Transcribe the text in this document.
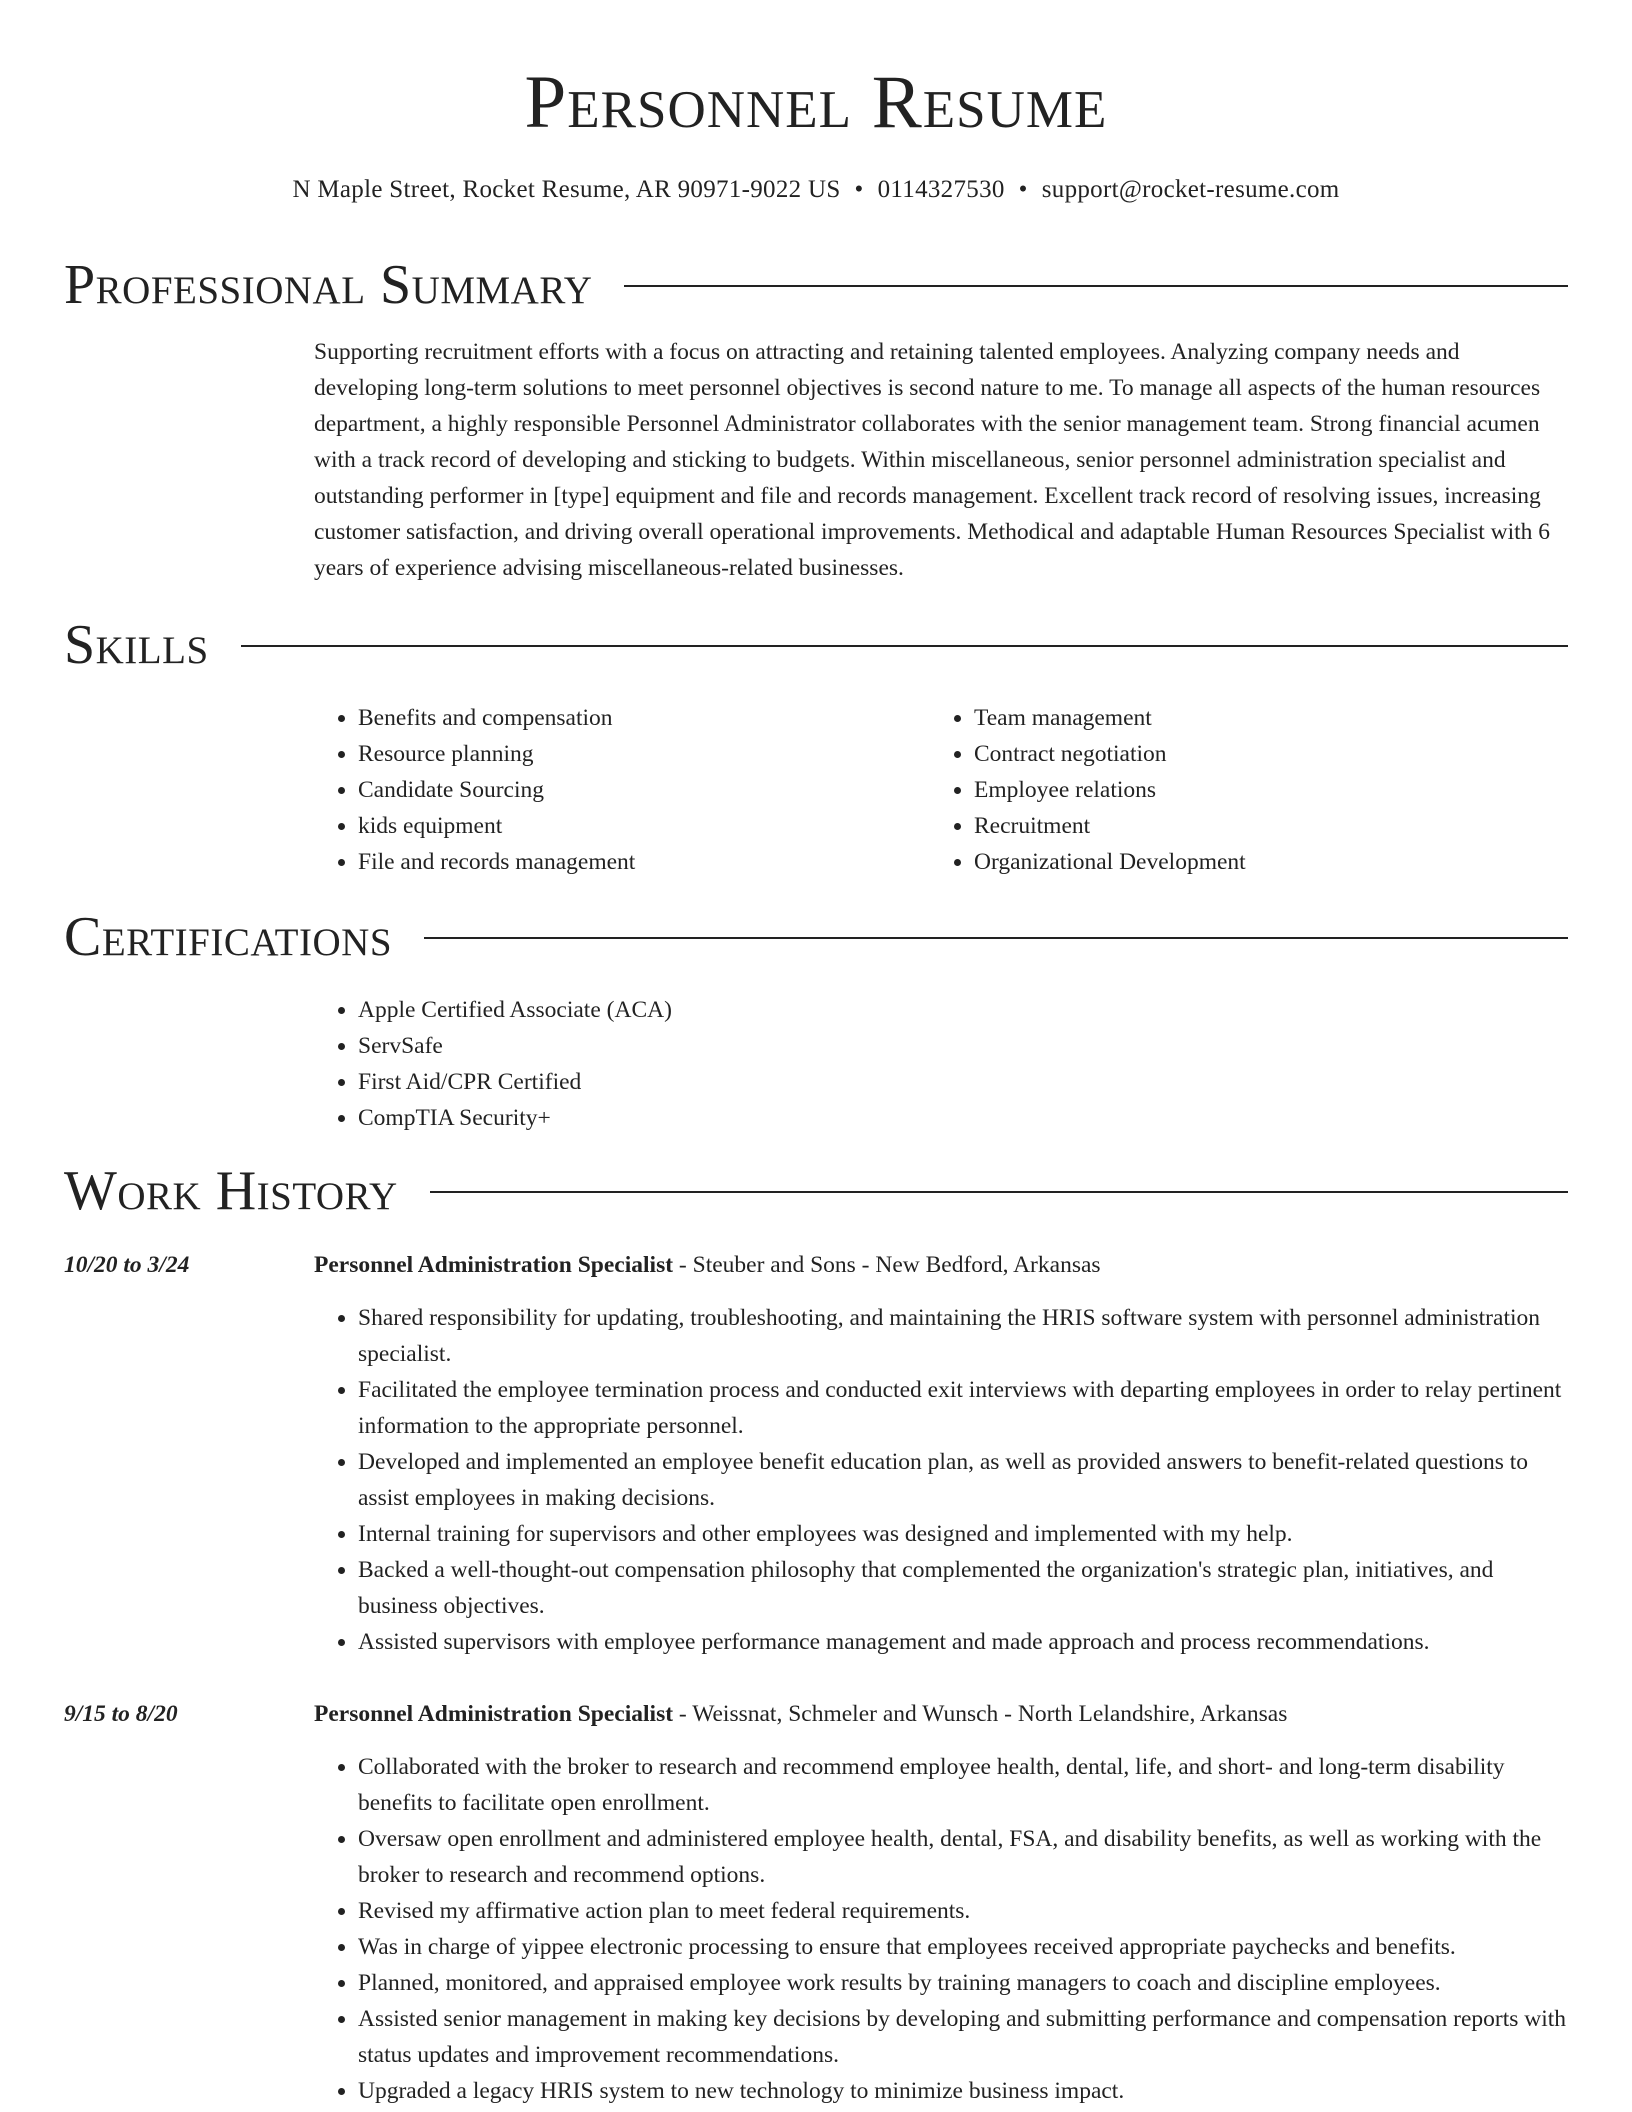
Personnel Resume
N Maple Street, Rocket Resume, AR 90971-9022 US • 0114327530 • support@rocket-resume.com
Professional Summary
Supporting recruitment efforts with a focus on attracting and retaining talented employees. Analyzing company needs and developing long-term solutions to meet personnel objectives is second nature to me. To manage all aspects of the human resources department, a highly responsible Personnel Administrator collaborates with the senior management team. Strong financial acumen with a track record of developing and sticking to budgets. Within miscellaneous, senior personnel administration specialist and outstanding performer in [type] equipment and file and records management. Excellent track record of resolving issues, increasing customer satisfaction, and driving overall operational improvements. Methodical and adaptable Human Resources Specialist with 6 years of experience advising miscellaneous-related businesses.
Skills
• Benefits and compensation
• Resource planning
• Candidate Sourcing
• kids equipment
• File and records management
• Team management
• Contract negotiation
• Employee relations
• Recruitment
• Organizational Development
Certifications
• Apple Certified Associate (ACA)
• ServSafe
• First Aid/CPR Certified
• CompTIA Security+
Work History
10/20 to 3/24	Personnel Administration Specialist - Steuber and Sons - New Bedford, Arkansas
• Shared responsibility for updating, troubleshooting, and maintaining the HRIS software system with personnel administration specialist.
• Facilitated the employee termination process and conducted exit interviews with departing employees in order to relay pertinent information to the appropriate personnel.
• Developed and implemented an employee benefit education plan, as well as provided answers to benefit-related questions to assist employees in making decisions.
• Internal training for supervisors and other employees was designed and implemented with my help.
• Backed a well-thought-out compensation philosophy that complemented the organization's strategic plan, initiatives, and business objectives.
• Assisted supervisors with employee performance management and made approach and process recommendations.
9/15 to 8/20	Personnel Administration Specialist - Weissnat, Schmeler and Wunsch - North Lelandshire, Arkansas
• Collaborated with the broker to research and recommend employee health, dental, life, and short- and long-term disability benefits to facilitate open enrollment.
• Oversaw open enrollment and administered employee health, dental, FSA, and disability benefits, as well as working with the broker to research and recommend options.
• Revised my affirmative action plan to meet federal requirements.
• Was in charge of yippee electronic processing to ensure that employees received appropriate paychecks and benefits.
• Planned, monitored, and appraised employee work results by training managers to coach and discipline employees.
• Assisted senior management in making key decisions by developing and submitting performance and compensation reports with status updates and improvement recommendations.
• Upgraded a legacy HRIS system to new technology to minimize business impact.
